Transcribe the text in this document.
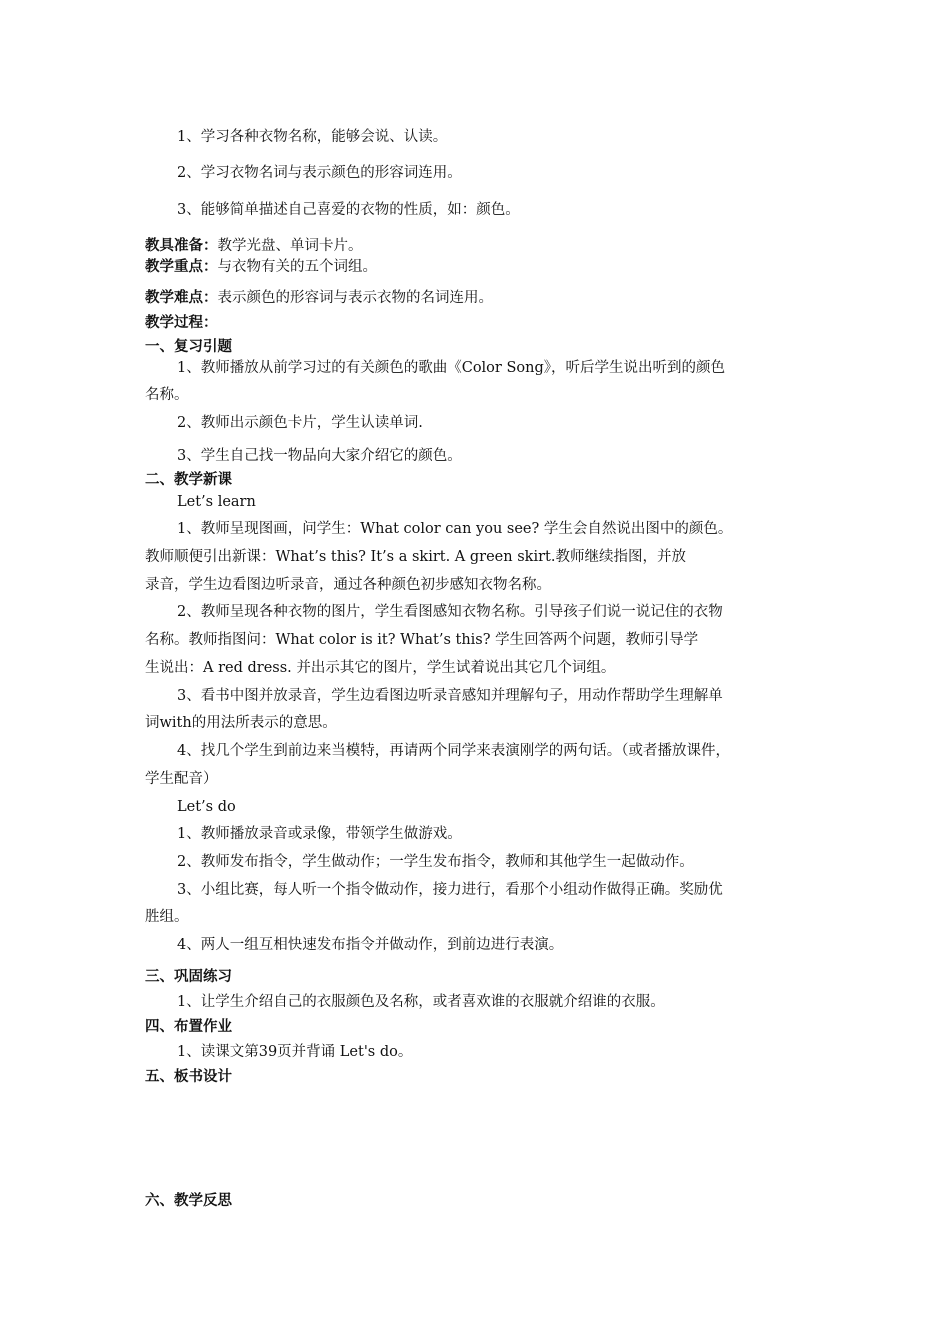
1、学习各种衣物名称，能够会说、认读。
2、学习衣物名词与表示颜色的形容词连用。
3、能够简单描述自己喜爱的衣物的性质，如：颜色。
教具准备：教学光盘、单词卡片。
教学重点：与衣物有关的五个词组。
教学难点：表示颜色的形容词与表示衣物的名词连用。
教学过程：
一、复习引题
1、教师播放从前学习过的有关颜色的歌曲《Color Song》，听后学生说出听到的颜色
名称。
2、教师出示颜色卡片，学生认读单词.
3、学生自己找一物品向大家介绍它的颜色。
二、教学新课
Let’s learn
1、教师呈现图画，问学生：What color can you see? 学生会自然说出图中的颜色。
教师顺便引出新课：What’s this? It’s a skirt. A green skirt.教师继续指图，并放
录音，学生边看图边听录音，通过各种颜色初步感知衣物名称。
2、教师呈现各种衣物的图片，学生看图感知衣物名称。引导孩子们说一说记住的衣物
名称。教师指图问：What color is it? What’s this? 学生回答两个问题，教师引导学
生说出：A red dress. 并出示其它的图片，学生试着说出其它几个词组。
3、看书中图并放录音，学生边看图边听录音感知并理解句子，用动作帮助学生理解单
词with的用法所表示的意思。
4、找几个学生到前边来当模特，再请两个同学来表演刚学的两句话。（或者播放课件，
学生配音）
Let’s do
1、教师播放录音或录像，带领学生做游戏。
2、教师发布指令，学生做动作；一学生发布指令，教师和其他学生一起做动作。
3、小组比赛，每人听一个指令做动作，接力进行，看那个小组动作做得正确。奖励优
胜组。
4、两人一组互相快速发布指令并做动作，到前边进行表演。
三、巩固练习
1、让学生介绍自己的衣服颜色及名称，或者喜欢谁的衣服就介绍谁的衣服。
四、布置作业
1、读课文第39页并背诵 Let's do。
五、板书设计
六、教学反思
